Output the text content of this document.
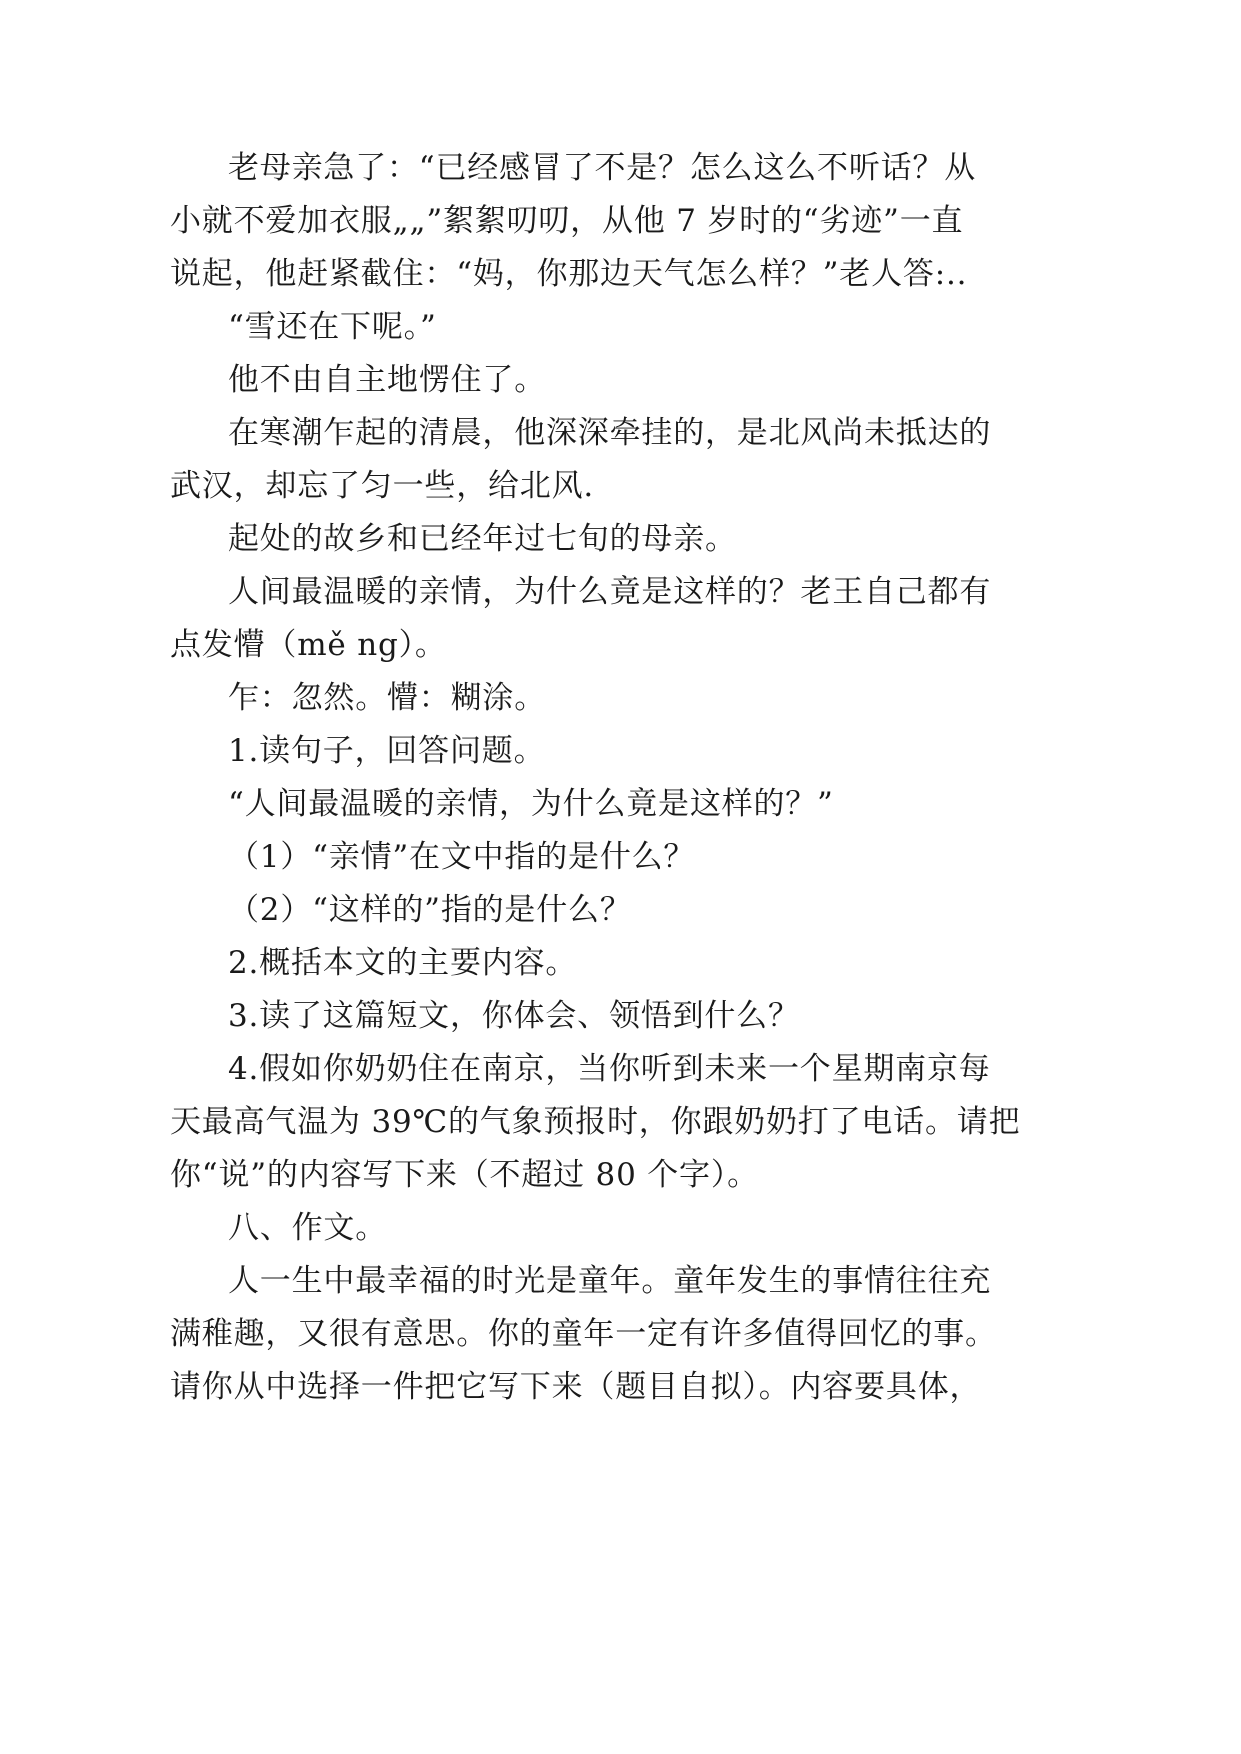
老母亲急了：“已经感冒了不是？怎么这么不听话？从
小就不爱加衣服„„”絮絮叨叨，从他 7 岁时的“劣迹”一直
说起，他赶紧截住：“妈，你那边天气怎么样？”老人答:..
“雪还在下呢。”
他不由自主地愣住了。
在寒潮乍起的清晨，他深深牵挂的，是北风尚未抵达的
武汉，却忘了匀一些，给北风.
起处的故乡和已经年过七旬的母亲。
人间最温暖的亲情，为什么竟是这样的？老王自己都有
点发懵（mě ng）。
乍：忽然。懵：糊涂。
1.读句子，回答问题。
“人间最温暖的亲情，为什么竟是这样的？”
（1）“亲情”在文中指的是什么？
（2）“这样的”指的是什么？
2.概括本文的主要内容。
3.读了这篇短文，你体会、领悟到什么？
4.假如你奶奶住在南京，当你听到未来一个星期南京每
天最高气温为 39℃的气象预报时，你跟奶奶打了电话。请把
你“说”的内容写下来（不超过 80 个字）。
八、作文。
人一生中最幸福的时光是童年。童年发生的事情往往充
满稚趣，又很有意思。你的童年一定有许多值得回忆的事。
请你从中选择一件把它写下来（题目自拟）。内容要具体，
